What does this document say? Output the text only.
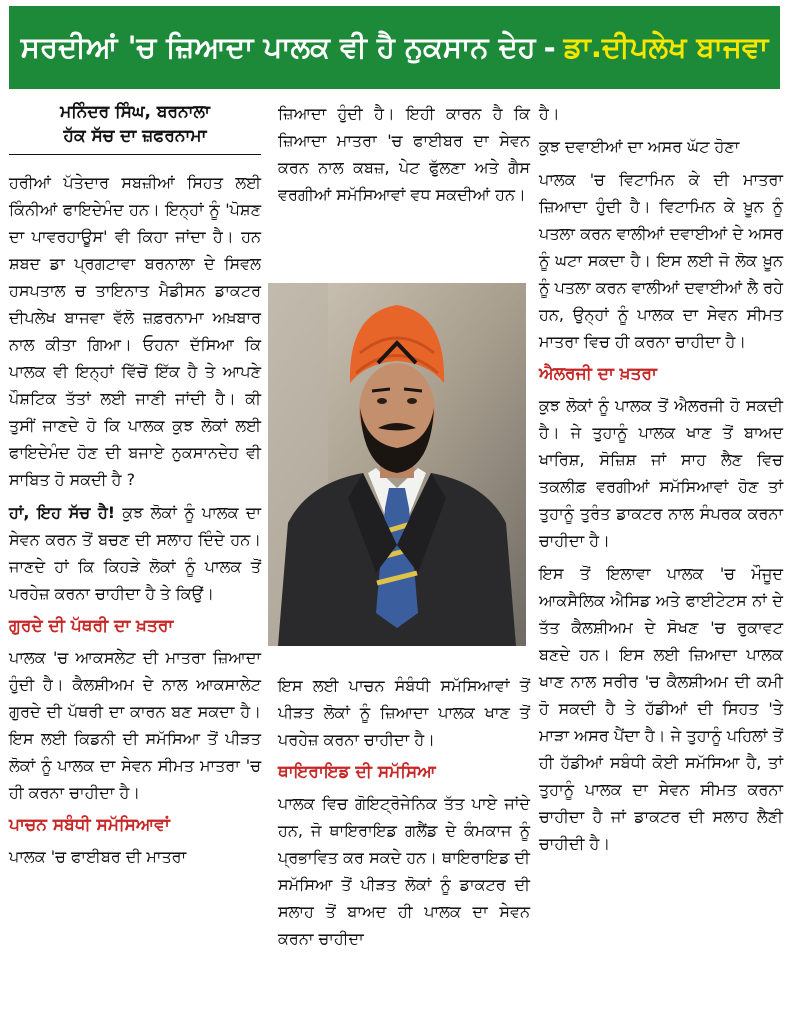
ਸਰਦੀਆਂ 'ਚ ਜ਼ਿਆਦਾ ਪਾਲਕ ਵੀ ਹੈ ਨੁਕਸਾਨ ਦੇਹ - ਡਾ.ਦੀਪਲੇਖ ਬਾਜਵਾ
ਮਨਿੰਦਰ ਸਿੰਘ, ਬਰਨਾਲਾ
ਹੱਕ ਸੱਚ ਦਾ ਜ਼ਫਰਨਾਮਾ

ਹਰੀਆਂ ਪੱਤੇਦਾਰ ਸਬਜ਼ੀਆਂ ਸਿਹਤ ਲਈ ਕਿੰਨੀਆਂ ਫਾਇਦੇਮੰਦ ਹਨ। ਇਨ੍ਹਾਂ ਨੂੰ 'ਪੋਸ਼ਣ ਦਾ ਪਾਵਰਹਾਊਸ' ਵੀ ਕਿਹਾ ਜਾਂਦਾ ਹੈ। ਹਨ ਸ਼ਬਦ ਡਾ ਪ੍ਰਗਟਾਵਾ ਬਰਨਾਲਾ ਦੇ ਸਿਵਲ ਹਸਪਤਾਲ ਚ ਤਾਇਨਾਤ ਮੈਡੀਸਨ ਡਾਕਟਰ ਦੀਪਲੇਖ ਬਾਜਵਾ ਵੱਲੋ ਜ਼ਫ਼ਰਨਾਮਾ ਅਖ਼ਬਾਰ ਨਾਲ ਕੀਤਾ ਗਿਆ। ਓਹਨਾ ਦੱਸਿਆ ਕਿ ਪਾਲਕ ਵੀ ਇਨ੍ਹਾਂ ਵਿੱਚੋਂ ਇੱਕ ਹੈ ਤੇ ਆਪਣੇ ਪੌਸ਼ਟਿਕ ਤੱਤਾਂ ਲਈ ਜਾਣੀ ਜਾਂਦੀ ਹੈ। ਕੀ ਤੁਸੀਂ ਜਾਣਦੇ ਹੋ ਕਿ ਪਾਲਕ ਕੁਝ ਲੋਕਾਂ ਲਈ ਫਾਇਦੇਮੰਦ ਹੋਣ ਦੀ ਬਜਾਏ ਨੁਕਸਾਨਦੇਹ ਵੀ ਸਾਬਿਤ ਹੋ ਸਕਦੀ ਹੈ ?

ਹਾਂ, ਇਹ ਸੱਚ ਹੈ! ਕੁਝ ਲੋਕਾਂ ਨੂੰ ਪਾਲਕ ਦਾ ਸੇਵਨ ਕਰਨ ਤੋਂ ਬਚਣ ਦੀ ਸਲਾਹ ਦਿੰਦੇ ਹਨ। ਜਾਣਦੇ ਹਾਂ ਕਿ ਕਿਹੜੇ ਲੋਕਾਂ ਨੂੰ ਪਾਲਕ ਤੋਂ ਪਰਹੇਜ਼ ਕਰਨਾ ਚਾਹੀਦਾ ਹੈ ਤੇ ਕਿਉਂ।

ਗੁਰਦੇ ਦੀ ਪੱਥਰੀ ਦਾ ਖ਼ਤਰਾ

ਪਾਲਕ 'ਚ ਆਕਸਲੇਟ ਦੀ ਮਾਤਰਾ ਜ਼ਿਆਦਾ ਹੁੰਦੀ ਹੈ। ਕੈਲਸ਼ੀਅਮ ਦੇ ਨਾਲ ਆਕਸਾਲੇਟ ਗੁਰਦੇ ਦੀ ਪੱਥਰੀ ਦਾ ਕਾਰਨ ਬਣ ਸਕਦਾ ਹੈ। ਇਸ ਲਈ ਕਿਡਨੀ ਦੀ ਸਮੱਸਿਆ ਤੋਂ ਪੀੜਤ ਲੋਕਾਂ ਨੂੰ ਪਾਲਕ ਦਾ ਸੇਵਨ ਸੀਮਤ ਮਾਤਰਾ 'ਚ ਹੀ ਕਰਨਾ ਚਾਹੀਦਾ ਹੈ।

ਪਾਚਨ ਸਬੰਧੀ ਸਮੱਸਿਆਵਾਂ

ਪਾਲਕ 'ਚ ਫਾਈਬਰ ਦੀ ਮਾਤਰਾ

ਜ਼ਿਆਦਾ ਹੁੰਦੀ ਹੈ। ਇਹੀ ਕਾਰਨ ਹੈ ਕਿ ਜ਼ਿਆਦਾ ਮਾਤਰਾ 'ਚ ਫਾਈਬਰ ਦਾ ਸੇਵਨ ਕਰਨ ਨਾਲ ਕਬਜ਼, ਪੇਟ ਫੁੱਲਣਾ ਅਤੇ ਗੈਸ ਵਰਗੀਆਂ ਸਮੱਸਿਆਵਾਂ ਵਧ ਸਕਦੀਆਂ ਹਨ।

ਇਸ ਲਈ ਪਾਚਨ ਸੰਬੰਧੀ ਸਮੱਸਿਆਵਾਂ ਤੋਂ ਪੀੜਤ ਲੋਕਾਂ ਨੂੰ ਜ਼ਿਆਦਾ ਪਾਲਕ ਖਾਣ ਤੋਂ ਪਰਹੇਜ਼ ਕਰਨਾ ਚਾਹੀਦਾ ਹੈ।

ਥਾਇਰਾਇਡ ਦੀ ਸਮੱਸਿਆ

ਪਾਲਕ ਵਿਚ ਗੋਇਟ੍ਰੋਜੇਨਿਕ ਤੱਤ ਪਾਏ ਜਾਂਦੇ ਹਨ, ਜੋ ਥਾਇਰਾਇਡ ਗਲੈਂਡ ਦੇ ਕੰਮਕਾਜ ਨੂੰ ਪ੍ਰਭਾਵਿਤ ਕਰ ਸਕਦੇ ਹਨ। ਥਾਇਰਾਇਡ ਦੀ ਸਮੱਸਿਆ ਤੋਂ ਪੀੜਤ ਲੋਕਾਂ ਨੂੰ ਡਾਕਟਰ ਦੀ ਸਲਾਹ ਤੋਂ ਬਾਅਦ ਹੀ ਪਾਲਕ ਦਾ ਸੇਵਨ ਕਰਨਾ ਚਾਹੀਦਾ

ਹੈ।

ਕੁਝ ਦਵਾਈਆਂ ਦਾ ਅਸਰ ਘੱਟ ਹੋਣਾ

ਪਾਲਕ 'ਚ ਵਿਟਾਮਿਨ ਕੇ ਦੀ ਮਾਤਰਾ ਜ਼ਿਆਦਾ ਹੁੰਦੀ ਹੈ। ਵਿਟਾਮਿਨ ਕੇ ਖ਼ੂਨ ਨੂੰ ਪਤਲਾ ਕਰਨ ਵਾਲੀਆਂ ਦਵਾਈਆਂ ਦੇ ਅਸਰ ਨੂੰ ਘਟਾ ਸਕਦਾ ਹੈ। ਇਸ ਲਈ ਜੋ ਲੋਕ ਖ਼ੂਨ ਨੂੰ ਪਤਲਾ ਕਰਨ ਵਾਲੀਆਂ ਦਵਾਈਆਂ ਲੈ ਰਹੇ ਹਨ, ਉਨ੍ਹਾਂ ਨੂੰ ਪਾਲਕ ਦਾ ਸੇਵਨ ਸੀਮਤ ਮਾਤਰਾ ਵਿਚ ਹੀ ਕਰਨਾ ਚਾਹੀਦਾ ਹੈ।

ਐਲਰਜੀ ਦਾ ਖ਼ਤਰਾ

ਕੁਝ ਲੋਕਾਂ ਨੂੰ ਪਾਲਕ ਤੋਂ ਐਲਰਜੀ ਹੋ ਸਕਦੀ ਹੈ। ਜੇ ਤੁਹਾਨੂੰ ਪਾਲਕ ਖਾਣ ਤੋਂ ਬਾਅਦ ਖਾਰਿਸ਼, ਸੋਜ਼ਿਸ਼ ਜਾਂ ਸਾਹ ਲੈਣ ਵਿਚ ਤਕਲੀਫ਼ ਵਰਗੀਆਂ ਸਮੱਸਿਆਵਾਂ ਹੋਣ ਤਾਂ ਤੁਹਾਨੂੰ ਤੁਰੰਤ ਡਾਕਟਰ ਨਾਲ ਸੰਪਰਕ ਕਰਨਾ ਚਾਹੀਦਾ ਹੈ।

ਇਸ ਤੋਂ ਇਲਾਵਾ ਪਾਲਕ 'ਚ ਮੌਜੂਦ ਆਕਸੈਲਿਕ ਐਸਿਡ ਅਤੇ ਫਾਈਟੇਟਸ ਨਾਂ ਦੇ ਤੱਤ ਕੈਲਸ਼ੀਅਮ ਦੇ ਸੋਖਣ 'ਚ ਰੁਕਾਵਟ ਬਣਦੇ ਹਨ। ਇਸ ਲਈ ਜ਼ਿਆਦਾ ਪਾਲਕ ਖਾਣ ਨਾਲ ਸਰੀਰ 'ਚ ਕੈਲਸ਼ੀਅਮ ਦੀ ਕਮੀ ਹੋ ਸਕਦੀ ਹੈ ਤੇ ਹੱਡੀਆਂ ਦੀ ਸਿਹਤ 'ਤੇ ਮਾੜਾ ਅਸਰ ਪੈਂਦਾ ਹੈ। ਜੇ ਤੁਹਾਨੂੰ ਪਹਿਲਾਂ ਤੋਂ ਹੀ ਹੱਡੀਆਂ ਸਬੰਧੀ ਕੋਈ ਸਮੱਸਿਆ ਹੈ, ਤਾਂ ਤੁਹਾਨੂੰ ਪਾਲਕ ਦਾ ਸੇਵਨ ਸੀਮਤ ਕਰਨਾ ਚਾਹੀਦਾ ਹੈ ਜਾਂ ਡਾਕਟਰ ਦੀ ਸਲਾਹ ਲੈਣੀ ਚਾਹੀਦੀ ਹੈ।
